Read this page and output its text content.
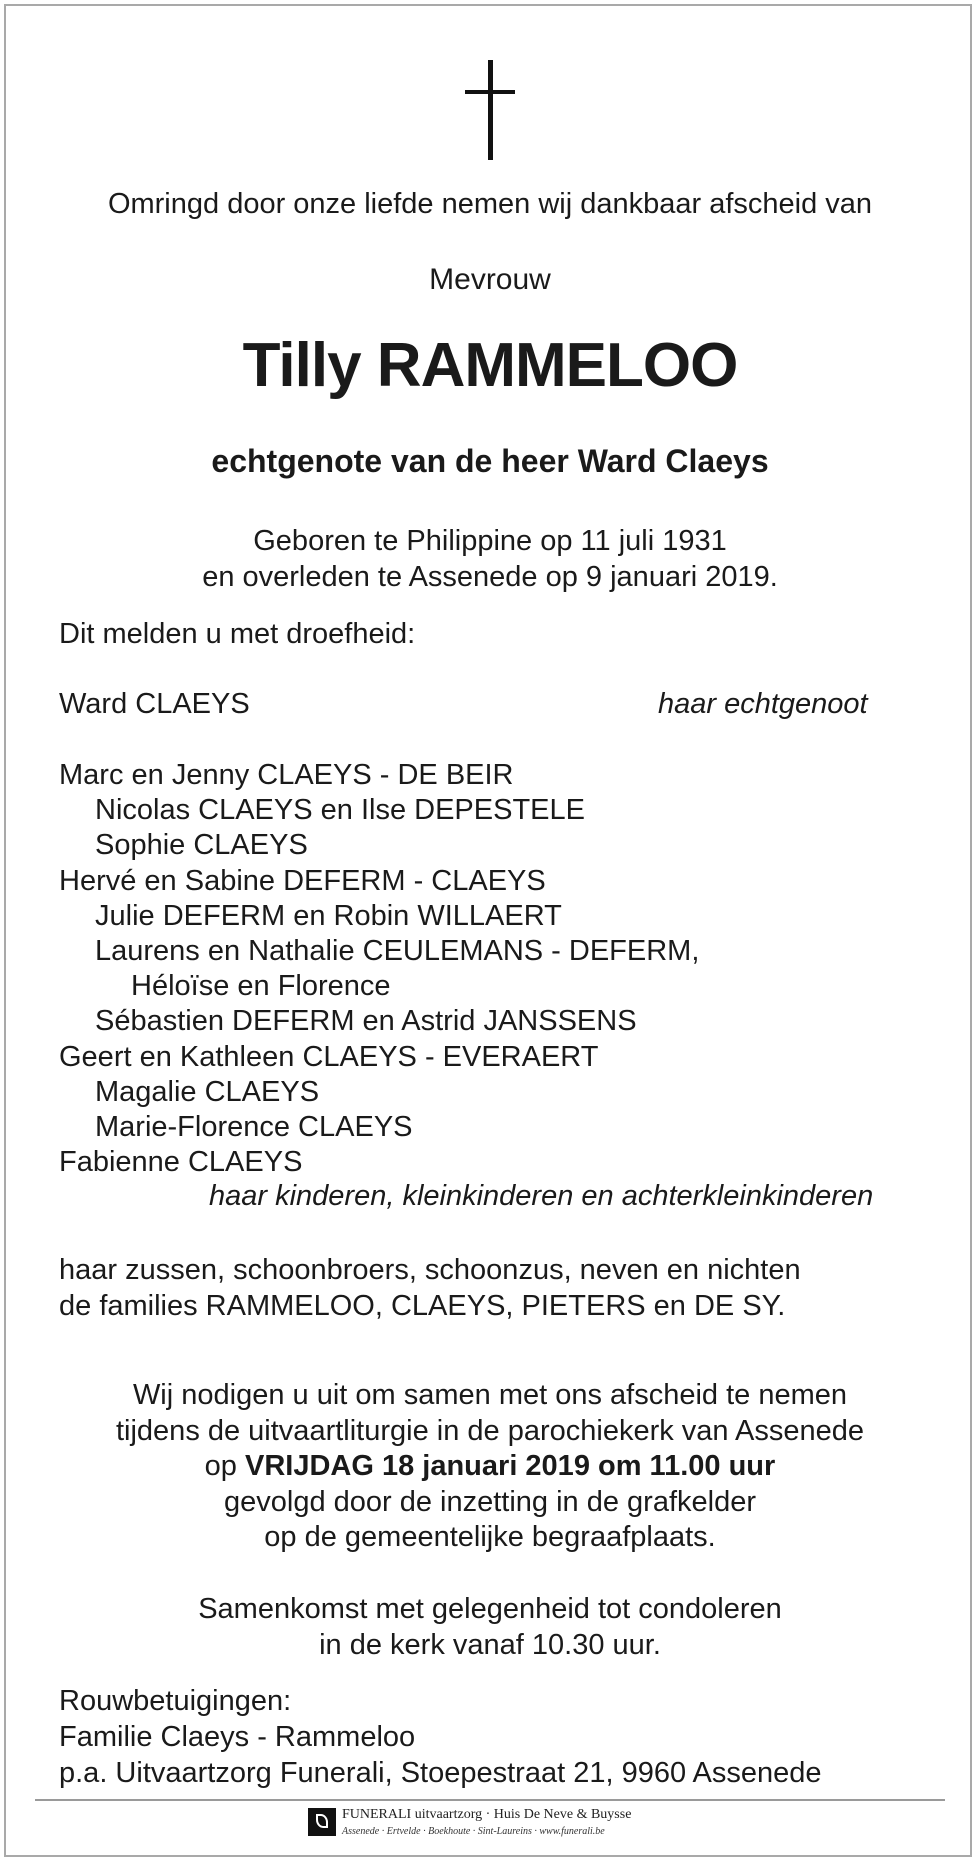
Omringd door onze liefde nemen wij dankbaar afscheid van
Mevrouw
Tilly RAMMELOO
echtgenote van de heer Ward Claeys
Geboren te Philippine op 11 juli 1931
en overleden te Assenede op 9 januari 2019.
Dit melden u met droefheid:
Ward CLAEYS	haar echtgenoot
Marc en Jenny CLAEYS - DE BEIR
Nicolas CLAEYS en Ilse DEPESTELE
Sophie CLAEYS
Hervé en Sabine DEFERM - CLAEYS
Julie DEFERM en Robin WILLAERT
Laurens en Nathalie CEULEMANS - DEFERM,
Héloïse en Florence
Sébastien DEFERM en Astrid JANSSENS
Geert en Kathleen CLAEYS - EVERAERT
Magalie CLAEYS
Marie-Florence CLAEYS
Fabienne CLAEYS
haar kinderen, kleinkinderen en achterkleinkinderen
haar zussen, schoonbroers, schoonzus, neven en nichten
de families RAMMELOO, CLAEYS, PIETERS en DE SY.
Wij nodigen u uit om samen met ons afscheid te nemen
tijdens de uitvaartliturgie in de parochiekerk van Assenede
op VRIJDAG 18 januari 2019 om 11.00 uur
gevolgd door de inzetting in de grafkelder
op de gemeentelijke begraafplaats.
Samenkomst met gelegenheid tot condoleren
in de kerk vanaf 10.30 uur.
Rouwbetuigingen:
Familie Claeys - Rammeloo
p.a. Uitvaartzorg Funerali, Stoepestraat 21, 9960 Assenede
FUNERALI uitvaartzorg · Huis De Neve & Buysse
Assenede · Ertvelde · Boekhoute · Sint-Laureins · www.funerali.be
